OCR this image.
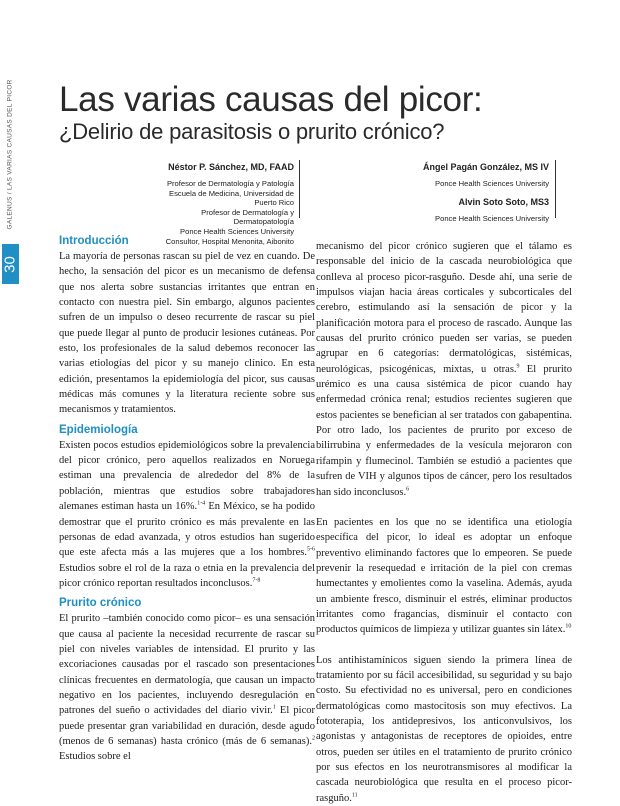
GALENUS / LAS VARIAS CAUSAS DEL PICOR
30
Las varias causas del picor:
¿Delirio de parasitosis o prurito crónico?
Néstor P. Sánchez, MD, FAAD
Profesor de Dermatología y Patología
Escuela de Medicina, Universidad de Puerto Rico
Profesor de Dermatología y Dermatopatología
Ponce Health Sciences University
Consultor, Hospital Menonita, Aibonito
Ángel Pagán González, MS IV
Ponce Health Sciences University
Alvin Soto Soto, MS3
Ponce Health Sciences University
Introducción

La mayoría de personas rascan su piel de vez en cuando. De hecho, la sensación del picor es un mecanismo de defensa que nos alerta sobre sustancias irritantes que entran en contacto con nuestra piel. Sin embargo, algunos pacientes sufren de un impulso o deseo recurrente de rascar su piel que puede llegar al punto de producir lesiones cutáneas. Por esto, los profesionales de la salud debemos reconocer las varias etiologías del picor y su manejo clínico. En esta edición, presentamos la epidemiología del picor, sus causas médicas más comunes y la literatura reciente sobre sus mecanismos y tratamientos.

Epidemiología

Existen pocos estudios epidemiológicos sobre la prevalencia del picor crónico, pero aquellos realizados en Noruega estiman una prevalencia de alrededor del 8% de la población, mientras que estudios sobre trabajadores alemanes estiman hasta un 16%.$^{1-4}$ En México, se ha podido demostrar que el prurito crónico es más prevalente en las personas de edad avanzada, y otros estudios han sugerido que este afecta más a las mujeres que a los hombres.$^{5-6}$ Estudios sobre el rol de la raza o etnia en la prevalencia del picor crónico reportan resultados inconclusos.$^{7-8}$

Prurito crónico

El prurito –también conocido como picor– es una sensación que causa al paciente la necesidad recurrente de rascar su piel con niveles variables de intensidad. El prurito y las excoriaciones causadas por el rascado son presentaciones clínicas frecuentes en dermatología, que causan un impacto negativo en los pacientes, incluyendo desregulación en patrones del sueño o actividades del diario vivir.$^1$ El picor puede presentar gran variabilidad en duración, desde agudo (menos de 6 semanas) hasta crónico (más de 6 semanas).$^2$ Estudios sobre el

mecanismo del picor crónico sugieren que el tálamo es responsable del inicio de la cascada neurobiológica que conlleva al proceso picor-rasguño. Desde ahí, una serie de impulsos viajan hacia áreas corticales y subcorticales del cerebro, estimulando así la sensación de picor y la planificación motora para el proceso de rascado. Aunque las causas del prurito crónico pueden ser varias, se pueden agrupar en 6 categorías: dermatológicas, sistémicas, neurológicas, psicogénicas, mixtas, u otras.$^9$ El prurito urémico es una causa sistémica de picor cuando hay enfermedad crónica renal; estudios recientes sugieren que estos pacientes se benefician al ser tratados con gabapentina. Por otro lado, los pacientes de prurito por exceso de bilirrubina y enfermedades de la vesícula mejoraron con rifampin y flumecinol. También se estudió a pacientes que sufren de VIH y algunos tipos de cáncer, pero los resultados han sido inconclusos.$^6$

En pacientes en los que no se identifica una etiología específica del picor, lo ideal es adoptar un enfoque preventivo eliminando factores que lo empeoren. Se puede prevenir la resequedad e irritación de la piel con cremas humectantes y emolientes como la vaselina. Además, ayuda un ambiente fresco, disminuir el estrés, eliminar productos irritantes como fragancias, disminuir el contacto con productos químicos de limpieza y utilizar guantes sin látex.$^{10}$

Los antihistamínicos siguen siendo la primera línea de tratamiento por su fácil accesibilidad, su seguridad y su bajo costo. Su efectividad no es universal, pero en condiciones dermatológicas como mastocitosis son muy efectivos. La fototerapia, los antidepresivos, los anticonvulsivos, los agonistas y antagonistas de receptores de opioides, entre otros, pueden ser útiles en el tratamiento de prurito crónico por sus efectos en los neurotransmisores al modificar la cascada neurobiológica que resulta en el proceso picor-rasguño.$^{11}$
